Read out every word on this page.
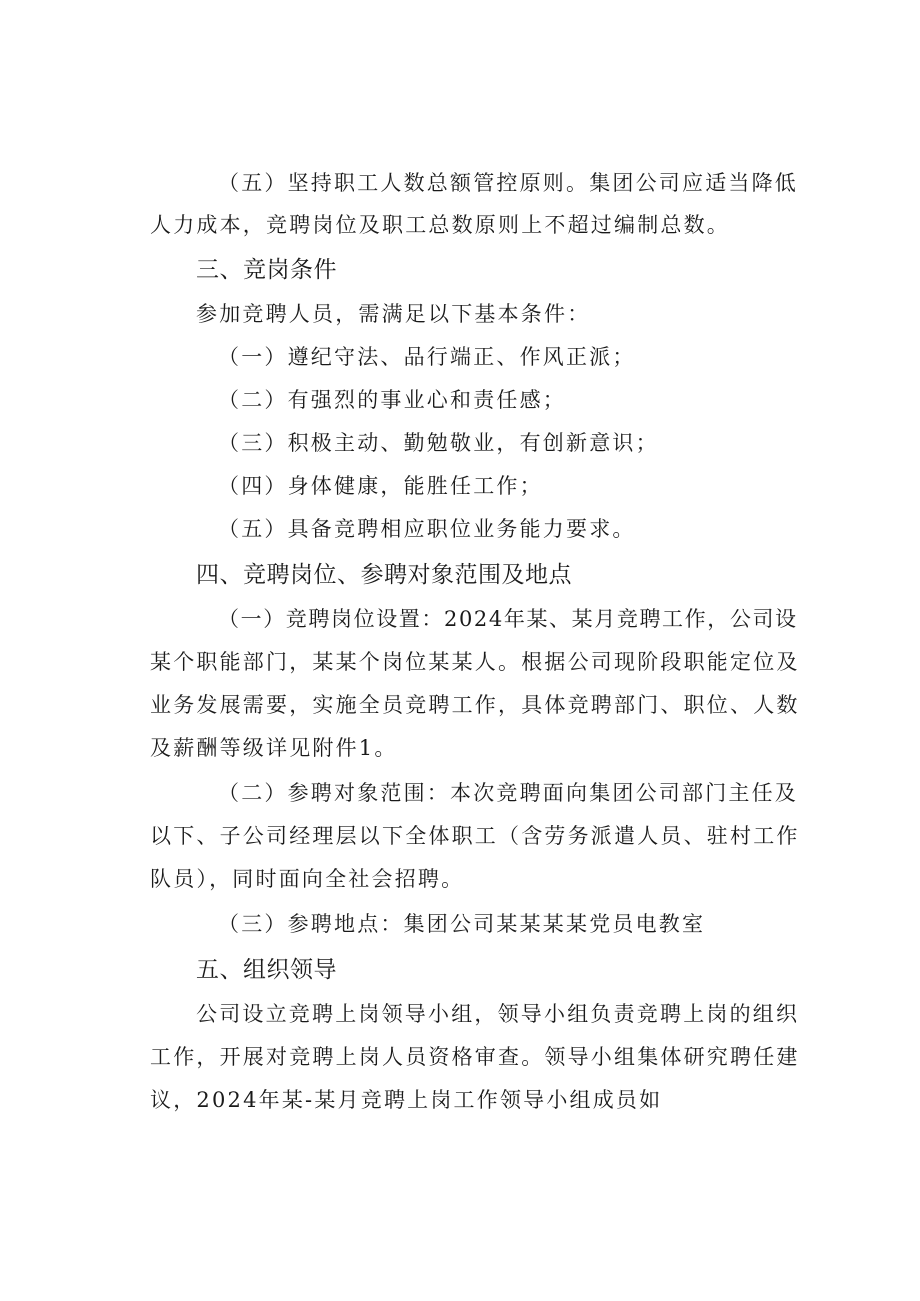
（五）坚持职工人数总额管控原则。集团公司应适当降低
人力成本，竞聘岗位及职工总数原则上不超过编制总数。
三、竞岗条件
参加竞聘人员，需满足以下基本条件：
（一）遵纪守法、品行端正、作风正派；
（二）有强烈的事业心和责任感；
（三）积极主动、勤勉敬业，有创新意识；
（四）身体健康，能胜任工作；
（五）具备竞聘相应职位业务能力要求。
四、竞聘岗位、参聘对象范围及地点
（一）竞聘岗位设置：2024年某、某月竞聘工作，公司设
某个职能部门，某某个岗位某某人。根据公司现阶段职能定位及
业务发展需要，实施全员竞聘工作，具体竞聘部门、职位、人数
及薪酬等级详见附件1。
（二）参聘对象范围：本次竞聘面向集团公司部门主任及
以下、子公司经理层以下全体职工（含劳务派遣人员、驻村工作
队员），同时面向全社会招聘。
（三）参聘地点：集团公司某某某某党员电教室
五、组织领导
公司设立竞聘上岗领导小组，领导小组负责竞聘上岗的组织
工作，开展对竞聘上岗人员资格审查。领导小组集体研究聘任建
议，2024年某-某月竞聘上岗工作领导小组成员如
